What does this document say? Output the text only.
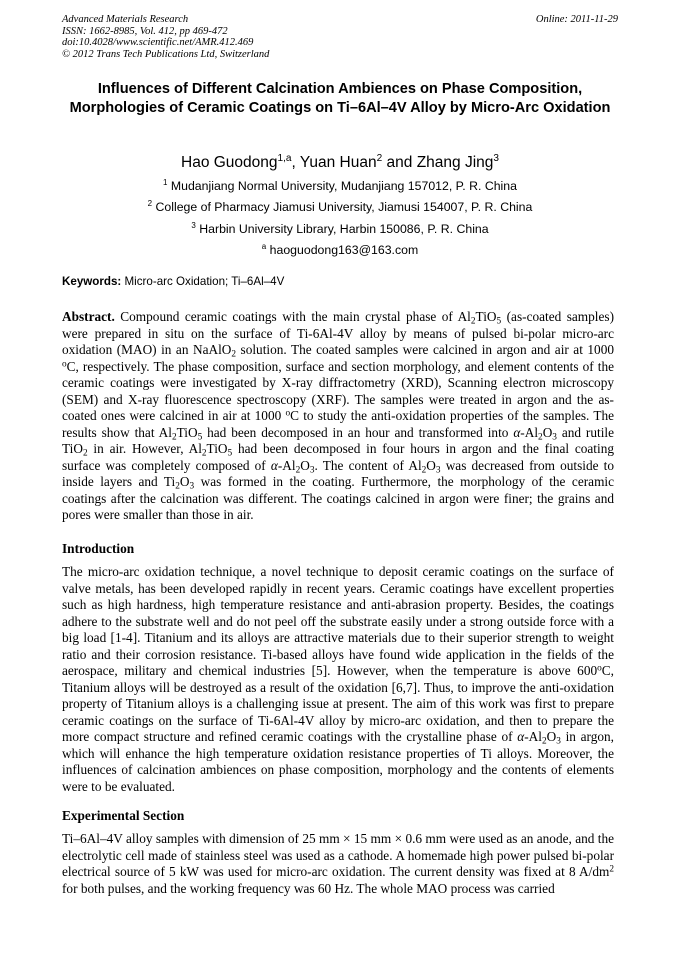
Advanced Materials Research
ISSN: 1662-8985, Vol. 412, pp 469-472
doi:10.4028/www.scientific.net/AMR.412.469
© 2012 Trans Tech Publications Ltd, Switzerland
Online: 2011-11-29
Influences of Different Calcination Ambiences on Phase Composition, Morphologies of Ceramic Coatings on Ti–6Al–4V Alloy by Micro-Arc Oxidation
Hao Guodong$^{1,a}$, Yuan Huan$^2$ and Zhang Jing$^3$
$^1$ Mudanjiang Normal University, Mudanjiang 157012, P. R. China
$^2$ College of Pharmacy Jiamusi University, Jiamusi 154007, P. R. China
$^3$ Harbin University Library, Harbin 150086, P. R. China
$^a$ haoguodong163@163.com
Keywords: Micro-arc Oxidation; Ti–6Al–4V
Abstract. Compound ceramic coatings with the main crystal phase of $Al_2TiO_5$ (as-coated samples) were prepared in situ on the surface of Ti-6Al-4V alloy by means of pulsed bi-polar micro-arc oxidation (MAO) in an NaAlO$_2$ solution. The coated samples were calcined in argon and air at 1000 $^o$C, respectively. The phase composition, surface and section morphology, and element contents of the ceramic coatings were investigated by X-ray diffractometry (XRD), Scanning electron microscopy (SEM) and X-ray fluorescence spectroscopy (XRF). The samples were treated in argon and the as-coated ones were calcined in air at 1000 $^o$C to study the anti-oxidation properties of the samples. The results show that $Al_2TiO_5$ had been decomposed in an hour and transformed into $\alpha-Al_2O_3$ and rutile TiO$_2$ in air. However, $Al_2TiO_5$ had been decomposed in four hours in argon and the final coating surface was completely composed of $\alpha-Al_2O_3$. The content of $Al_2O_3$ was decreased from outside to inside layers and $Ti_2O_3$ was formed in the coating. Furthermore, the morphology of the ceramic coatings after the calcination was different. The coatings calcined in argon were finer; the grains and pores were smaller than those in air.
Introduction
The micro-arc oxidation technique, a novel technique to deposit ceramic coatings on the surface of valve metals, has been developed rapidly in recent years. Ceramic coatings have excellent properties such as high hardness, high temperature resistance and anti-abrasion property. Besides, the coatings adhere to the substrate well and do not peel off the substrate easily under a strong outside force with a big load [1-4]. Titanium and its alloys are attractive materials due to their superior strength to weight ratio and their corrosion resistance. Ti-based alloys have found wide application in the fields of the aerospace, military and chemical industries [5]. However, when the temperature is above 600$^o$C, Titanium alloys will be destroyed as a result of the oxidation [6,7]. Thus, to improve the anti-oxidation property of Titanium alloys is a challenging issue at present. The aim of this work was first to prepare ceramic coatings on the surface of Ti-6Al-4V alloy by micro-arc oxidation, and then to prepare the more compact structure and refined ceramic coatings with the crystalline phase of $\alpha-Al_2O_3$ in argon, which will enhance the high temperature oxidation resistance properties of Ti alloys. Moreover, the influences of calcination ambiences on phase composition, morphology and the contents of elements were to be evaluated.
Experimental Section
Ti–6Al–4V alloy samples with dimension of 25 mm × 15 mm × 0.6 mm were used as an anode, and the electrolytic cell made of stainless steel was used as a cathode. A homemade high power pulsed bi-polar electrical source of 5 kW was used for micro-arc oxidation. The current density was fixed at 8 $A/dm^2$ for both pulses, and the working frequency was 60 Hz. The whole MAO process was carried
